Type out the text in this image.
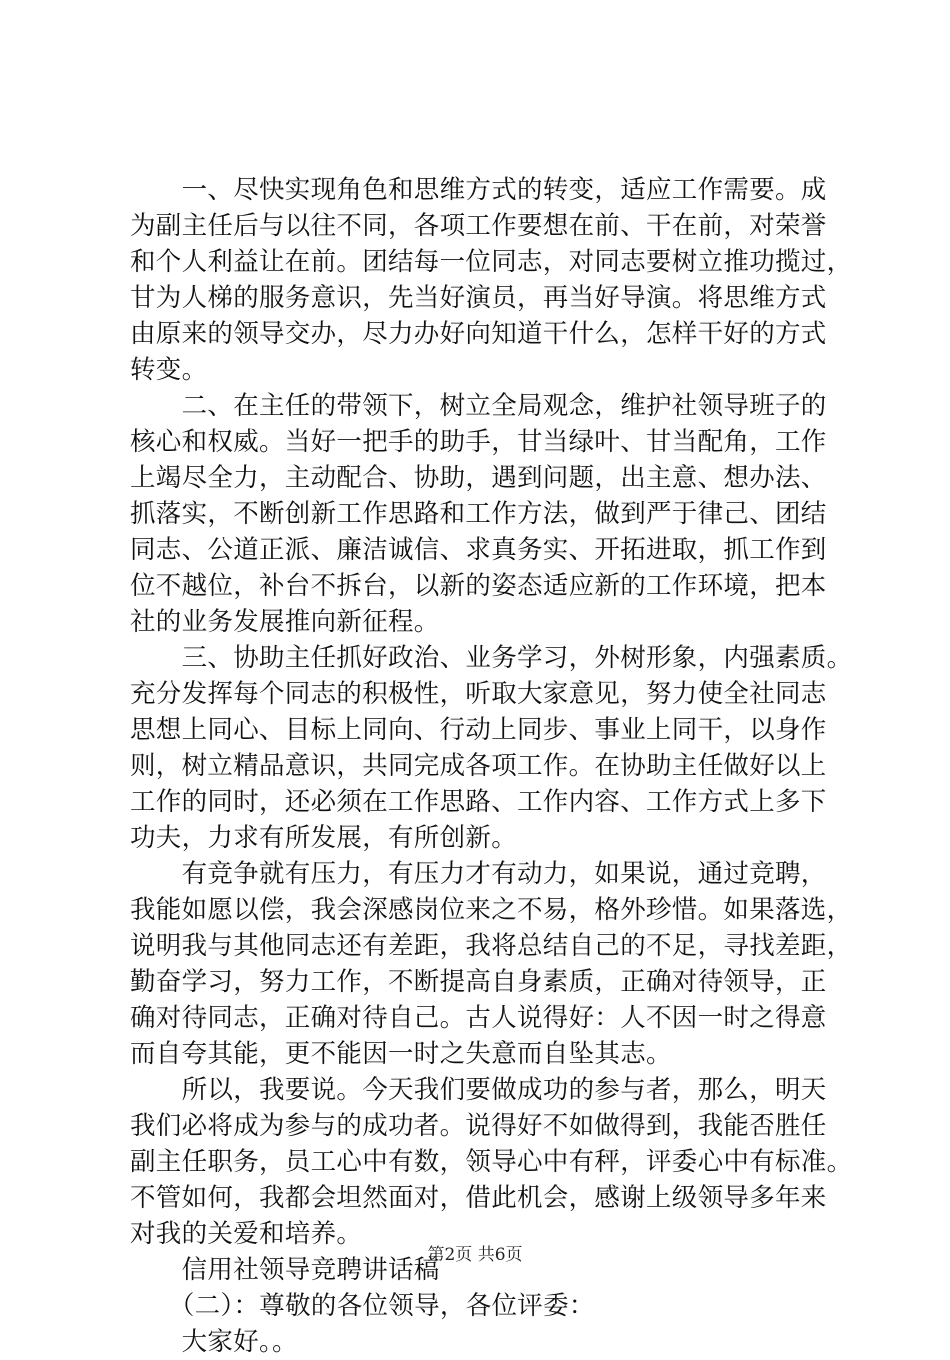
　　一、尽快实现角色和思维方式的转变，适应工作需要。成
为副主任后与以往不同，各项工作要想在前、干在前，对荣誉
和个人利益让在前。团结每一位同志，对同志要树立推功揽过，
甘为人梯的服务意识，先当好演员，再当好导演。将思维方式
由原来的领导交办，尽力办好向知道干什么，怎样干好的方式
转变。
　　二、在主任的带领下，树立全局观念，维护社领导班子的
核心和权威。当好一把手的助手，甘当绿叶、甘当配角，工作
上竭尽全力，主动配合、协助，遇到问题，出主意、想办法、
抓落实，不断创新工作思路和工作方法，做到严于律己、团结
同志、公道正派、廉洁诚信、求真务实、开拓进取，抓工作到
位不越位，补台不拆台，以新的姿态适应新的工作环境，把本
社的业务发展推向新征程。
　　三、协助主任抓好政治、业务学习，外树形象，内强素质。
充分发挥每个同志的积极性，听取大家意见，努力使全社同志
思想上同心、目标上同向、行动上同步、事业上同干，以身作
则，树立精品意识，共同完成各项工作。在协助主任做好以上
工作的同时，还必须在工作思路、工作内容、工作方式上多下
功夫，力求有所发展，有所创新。
　　有竞争就有压力，有压力才有动力，如果说，通过竞聘，
我能如愿以偿，我会深感岗位来之不易，格外珍惜。如果落选，
说明我与其他同志还有差距，我将总结自己的不足，寻找差距，
勤奋学习，努力工作，不断提高自身素质，正确对待领导，正
确对待同志，正确对待自己。古人说得好：人不因一时之得意
而自夸其能，更不能因一时之失意而自坠其志。
　　所以，我要说。今天我们要做成功的参与者，那么，明天
我们必将成为参与的成功者。说得好不如做得到，我能否胜任
副主任职务，员工心中有数，领导心中有秤，评委心中有标准。
不管如何，我都会坦然面对，借此机会，感谢上级领导多年来
对我的关爱和培养。
　　信用社领导竞聘讲话稿
　　（二）：尊敬的各位领导，各位评委：
　　大家好。。
第2页 共6页
